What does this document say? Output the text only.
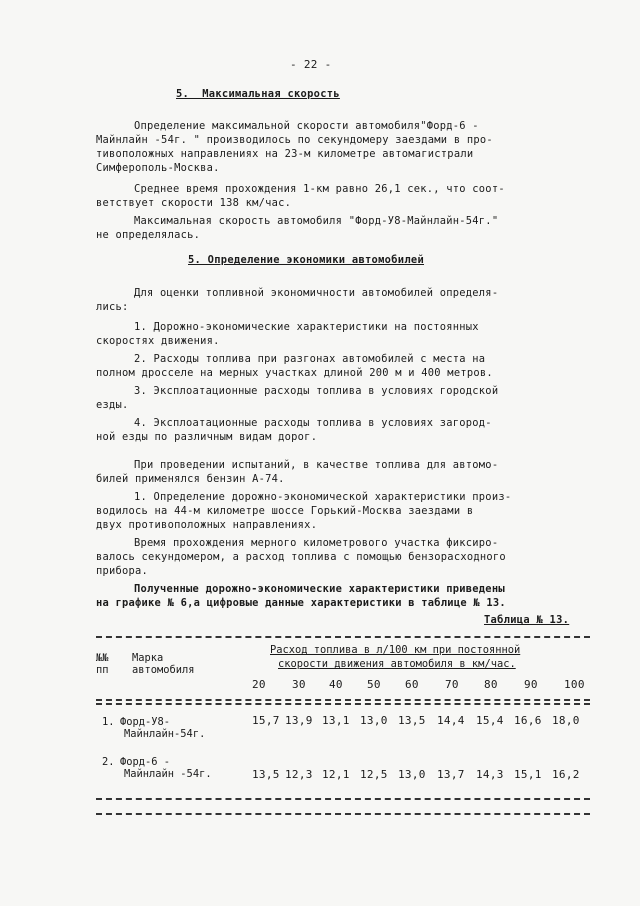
- 22 -
5.  Максимальная скорость
Определение максимальной скорости автомобиля"Форд-6 -
Майнлайн -54г. " производилось по секундомеру заездами в про-
тивоположных направлениях на 23-м километре автомагистрали
Симферополь-Москва.
Среднее время прохождения 1-км равно 26,1 сек., что соот-
ветствует скорости 138 км/час.
Максимальная скорость автомобиля "Форд-У8-Майнлайн-54г."
не определялась.
5. Определение экономики автомобилей
Для оценки топливной экономичности автомобилей определя-
лись:
1. Дорожно-экономические характеристики на постоянных
скоростях движения.
2. Расходы топлива при разгонах автомобилей с места на
полном дросселе на мерных участках длиной 200 м и 400 метров.
3. Эксплоатационные расходы топлива в условиях городской
езды.
4. Эксплоатационные расходы топлива в условиях загород-
ной езды по различным видам дорог.
При проведении испытаний, в качестве топлива для автомо-
билей применялся бензин А-74.
1. Определение дорожно-экономической характеристики произ-
водилось на 44-м километре шоссе Горький-Москва заездами в
двух противоположных направлениях.
Время прохождения мерного километрового участка фиксиро-
валось секундомером, а расход топлива с помощью бензорасходного
прибора.
Полученные дорожно-экономические характеристики приведены
на графике № 6,а цифровые данные характеристики в таблице № 13.
Таблица № 13.
№№
пп
Марка
автомобиля
Расход топлива в л/100 км при постоянной
скорости движения автомобиля в км/час.
20 30 40 50 60 70 80 90 100
1. Форд-У8-
Майнлайн-54г.
15,7 13,9 13,1 13,0 13,5 14,4 15,4 16,6 18,0
2. Форд-6 -
Майнлайн -54г.	13,5 12,3 12,1 12,5 13,0 13,7 14,3 15,1 16,2
